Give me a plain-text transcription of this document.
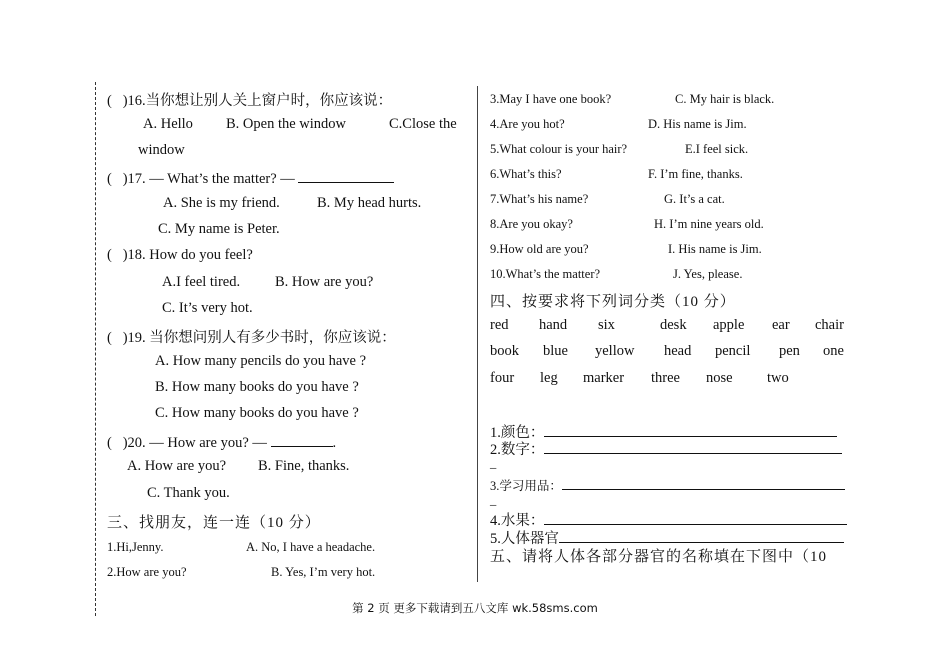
( )16.当你想让别人关上窗户时，你应该说：
A. Hello B. Open the window	C.Close the
window
( )17. — What’s the matter? —
A. She is my friend.	B. My head hurts.
C. My name is Peter.
( )18. How do you feel?
A.I feel tired. B. How are you?
C. It’s very hot.
( )19. 当你想问别人有多少书时，你应该说：
A. How many pencils do you have ?
B. How many books do you have ?
C. How many books do you have ?
( )20. — How are you? —	.
A. How are you? B. Fine, thanks.
C. Thank you.
三、找朋友，连一连（10 分）
1.Hi,Jenny.	A. No, I have a headache.
2.How are you?	B. Yes, I’m very hot.
3.May I have one book?	C. My hair is black.
4.Are you hot?	D. His name is Jim.
5.What colour is your hair?	E.I feel sick.
6.What’s this?	F. I’m fine, thanks.
7.What’s his name?	G. It’s a cat.
8.Are you okay?	H. I’m nine years old.
9.How old are you?	I. His name is Jim.
10.What’s the matter?	J. Yes, please.
四、按要求将下列词分类（10 分）
red hand six	desk apple ear chair
book blue yellow head pencil pen one
four leg marker three nose two
1.颜色：
2.数字：
_
3.学习用品：
_
4.水果：
5.人体器官
五、请将人体各部分器官的名称填在下图中（10
第 2 页 更多下载请到五八文库 wk.58sms.com
